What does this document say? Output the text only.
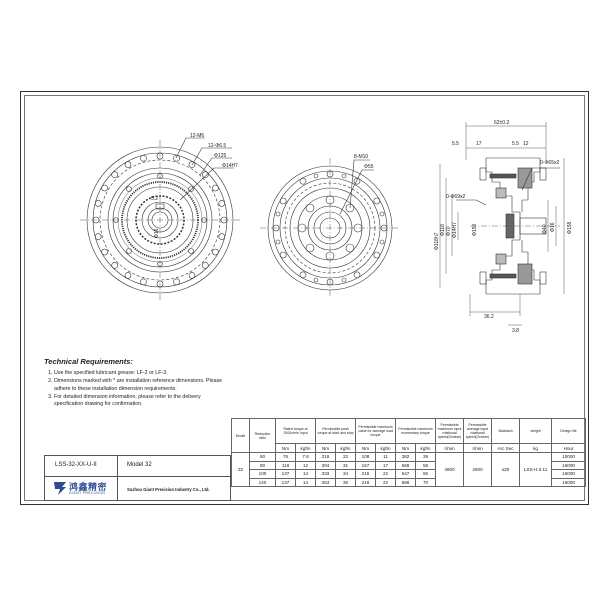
12-M6
12-Φ6.5
Φ125
Φ14H7
5.2
Φ16
8-M10
Φ55
62±0.2
5.5	17	5.5 12
0-Φ65x2
0-Φ69x2
Φ118h7
Φ118 Φ70 Φ14H7	Φ150	Φ40 Φ16 Φ158
36.2
3.8
Technical Requirements:
1. Use the specified lubricant grease: LF-2 or LF-3.
2. Dimensions marked with * are installation reference dimensions. Please adhere to these installation dimension requirements.
3. For detailed dimension information, please refer to the delivery specification drawing for confirmation.
LSS-32-XX-U-II	Model 32
鸿鑫精密
GIANT PRECISION
Suzhou Giant Precision Industry Co., Ltd.
Model	Reduction ratio	Rated torque at 2000r/min input		Permissible peak torque at start and stop		Permissible maximum value for average load torque		Permissible maximum momentary torque		Permissible maximum input rotational speed(Grease)	Permissible average input rotational speed(Grease)	Backlash	weight	Design life
		Nm	kgfm	Nm	kgfm	Nm	kgfm	Nm	kgfm	r/min	r/min	Arc Sec	kg	Hour
32	50	76	7.8	216	22	108	11	382	39	4800	2800	≤20	LSS-H:3.11	10000
	80	118	12	304	31	167	17	568	58					15000
	100	137	14	333	34	216	22	647	66					15000
	120	137	14	353	36	216	22	686	70					15000
